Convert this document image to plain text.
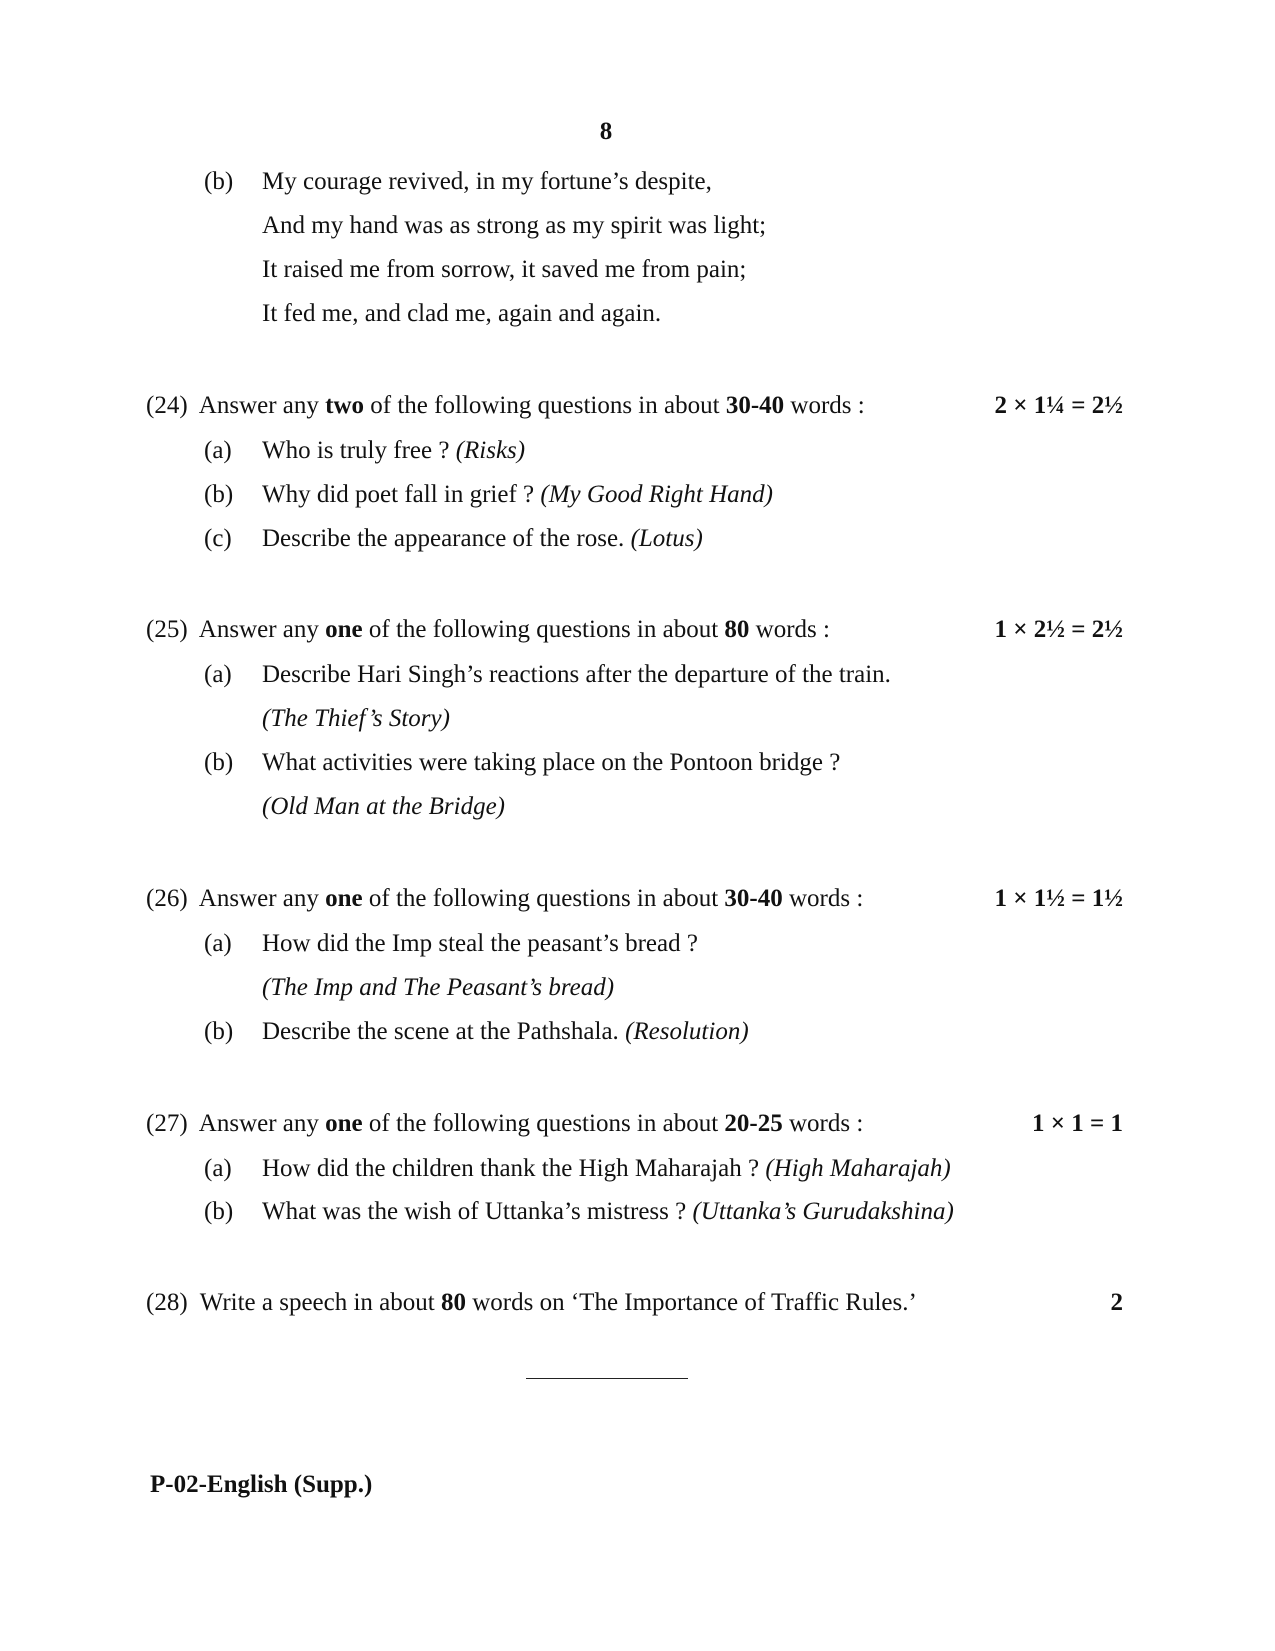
8
(b) My courage revived, in my fortune’s despite,
And my hand was as strong as my spirit was light;
It raised me from sorrow, it saved me from pain;
It fed me, and clad me, again and again.
(24) Answer any two of the following questions in about 30-40 words :	2 × 1¼ = 2½
(a) Who is truly free ? (Risks)
(b) Why did poet fall in grief ? (My Good Right Hand)
(c) Describe the appearance of the rose. (Lotus)
(25) Answer any one of the following questions in about 80 words :	1 × 2½ = 2½
(a) Describe Hari Singh’s reactions after the departure of the train.
(The Thief’s Story)
(b) What activities were taking place on the Pontoon bridge ?
(Old Man at the Bridge)
(26) Answer any one of the following questions in about 30-40 words :	1 × 1½ = 1½
(a) How did the Imp steal the peasant’s bread ?
(The Imp and The Peasant’s bread)
(b) Describe the scene at the Pathshala. (Resolution)
(27) Answer any one of the following questions in about 20-25 words :	1 × 1 = 1
(a) How did the children thank the High Maharajah ? (High Maharajah)
(b) What was the wish of Uttanka’s mistress ? (Uttanka’s Gurudakshina)
(28) Write a speech in about 80 words on ‘The Importance of Traffic Rules.’	2
P-02-English (Supp.)
